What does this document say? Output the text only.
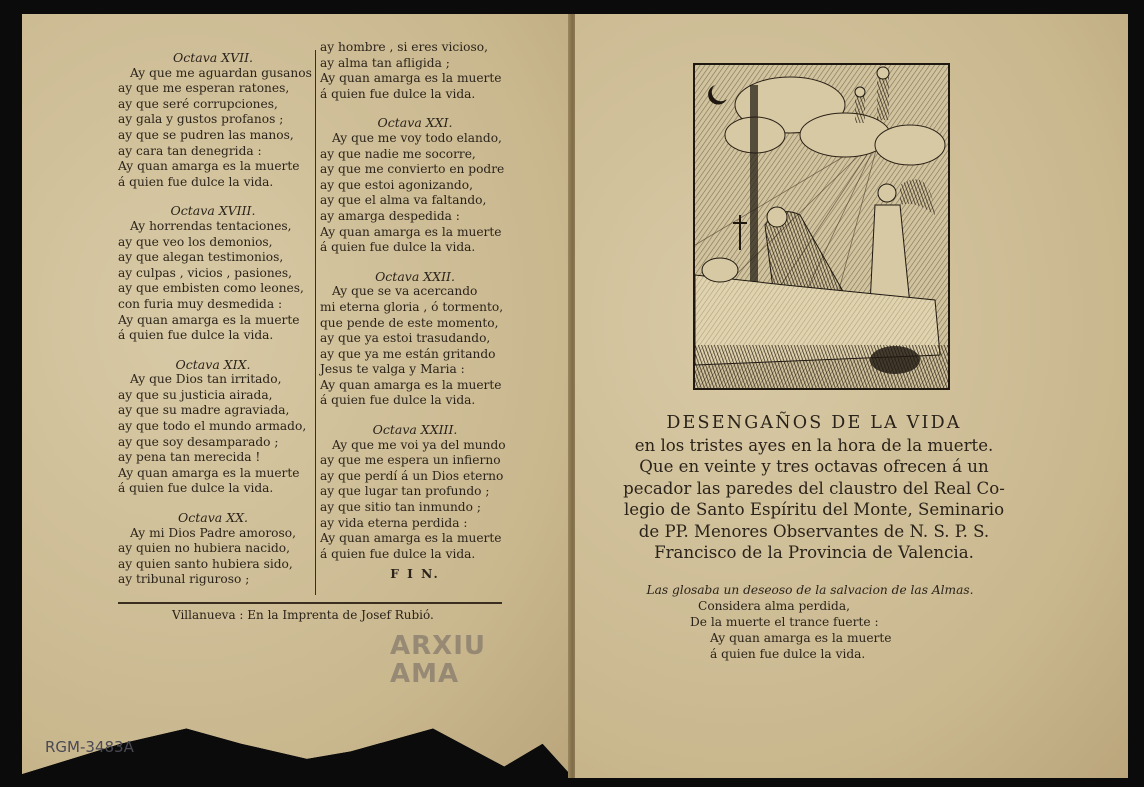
Octava XVII.

Ay que me aguardan gusanos

ay que me esperan ratones,

ay que seré corrupciones,

ay gala y gustos profanos ;

ay que se pudren las manos,

ay cara tan denegrida :

Ay quan amarga es la muerte

á quien fue dulce la vida.

Octava XVIII.

Ay horrendas tentaciones,

ay que veo los demonios,

ay que alegan testimonios,

ay culpas , vicios , pasiones,

ay que embisten como leones,

con furia muy desmedida :

Ay quan amarga es la muerte

á quien fue dulce la vida.

Octava XIX.

Ay que Dios tan irritado,

ay que su justicia airada,

ay que su madre agraviada,

ay que todo el mundo armado,

ay que soy desamparado ;

ay pena tan merecida !

Ay quan amarga es la muerte

á quien fue dulce la vida.

Octava XX.

Ay mi Dios Padre amoroso,

ay quien no hubiera nacido,

ay quien santo hubiera sido,

ay tribunal riguroso ;

ay hombre , si eres vicioso,

ay alma tan afligida ;

Ay quan amarga es la muerte

á quien fue dulce la vida.

Octava XXI.

Ay que me voy todo elando,

ay que nadie me socorre,

ay que me convierto en podre

ay que estoi agonizando,

ay que el alma va faltando,

ay amarga despedida :

Ay quan amarga es la muerte

á quien fue dulce la vida.

Octava XXII.

Ay que se va acercando

mi eterna gloria , ó tormento,

que pende de este momento,

ay que ya estoi trasudando,

ay que ya me están gritando

Jesus te valga y Maria :

Ay quan amarga es la muerte

á quien fue dulce la vida.

Octava XXIII.

Ay que me voi ya del mundo

ay que me espera un infierno

ay que perdí á un Dios eterno

ay que lugar tan profundo ;

ay que sitio tan inmundo ;

ay vida eterna perdida :

Ay quan amarga es la muerte

á quien fue dulce la vida.

F I N.

Villanueva : En la Imprenta de Josef Rubió.
ARXIU
AMA
RGM-3483A

DESENGAÑOS DE LA VIDA

en los tristes ayes en la hora de la muerte.

Que en veinte y tres octavas ofrecen á un

pecador las paredes del claustro del Real Co-

legio de Santo Espíritu del Monte, Seminario

de PP. Menores Observantes de N. S. P. S.

Francisco de la Provincia de Valencia.

Las glosaba un deseoso de la salvacion de las Almas.

Considera alma perdida,

De la muerte el trance fuerte :

Ay quan amarga es la muerte

á quien fue dulce la vida.
